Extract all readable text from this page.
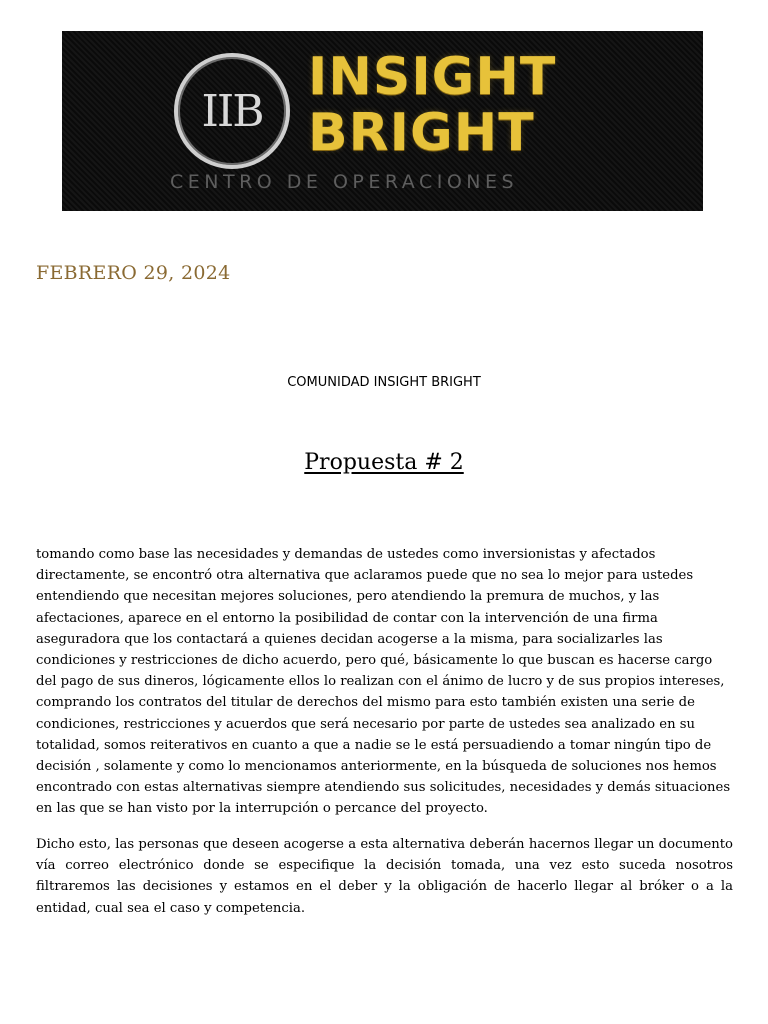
IIB
INSIGHT
BRIGHT
CENTRO DE OPERACIONES
FEBRERO 29, 2024
COMUNIDAD INSIGHT BRIGHT
Propuesta # 2
tomando como base las necesidades y demandas de ustedes como inversionistas y afectados directamente, se encontró otra alternativa que aclaramos puede que no sea lo mejor para ustedes entendiendo que necesitan mejores soluciones, pero atendiendo la premura de muchos, y las afectaciones, aparece en el entorno la posibilidad de contar con la intervención de una firma aseguradora que los contactará a quienes decidan acogerse a la misma, para socializarles las condiciones y restricciones de dicho acuerdo, pero qué, básicamente lo que buscan es hacerse cargo del pago de sus dineros, lógicamente ellos lo realizan con el ánimo de lucro y de sus propios intereses, comprando los contratos del titular de derechos del mismo para esto también existen una serie de condiciones, restricciones y acuerdos que será necesario por parte de ustedes sea analizado en su totalidad, somos reiterativos en cuanto a que a nadie se le está persuadiendo a tomar ningún tipo de decisión , solamente y como lo mencionamos anteriormente, en la búsqueda de soluciones nos hemos encontrado con estas alternativas siempre atendiendo sus solicitudes, necesidades y demás situaciones en las que se han visto por la interrupción o percance del proyecto.
Dicho esto, las personas que deseen acogerse a esta alternativa deberán hacernos llegar un documento vía correo electrónico donde se especifique la decisión tomada, una vez esto suceda nosotros filtraremos las decisiones y estamos en el deber y la obligación de hacerlo llegar al bróker o a la entidad, cual sea el caso y competencia.
